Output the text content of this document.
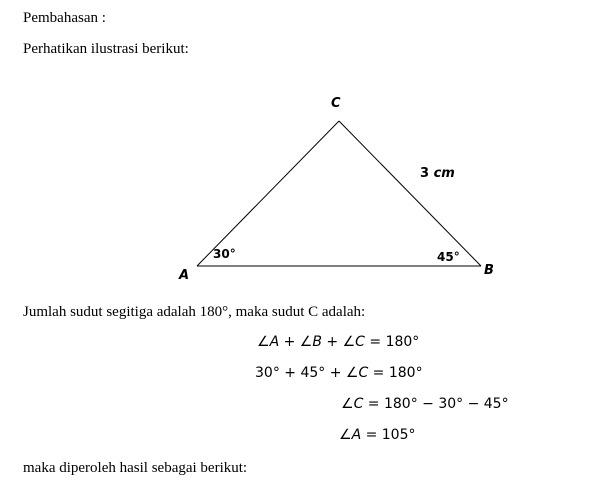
Pembahasan :
Perhatikan ilustrasi berikut:
C
A	B
30°	45°
3 cm
Jumlah sudut segitiga adalah 180°, maka sudut C adalah:
∠A + ∠B + ∠C = 180°
30° + 45° + ∠C = 180°
∠C = 180° − 30° − 45°
∠A = 105°
maka diperoleh hasil sebagai berikut:
